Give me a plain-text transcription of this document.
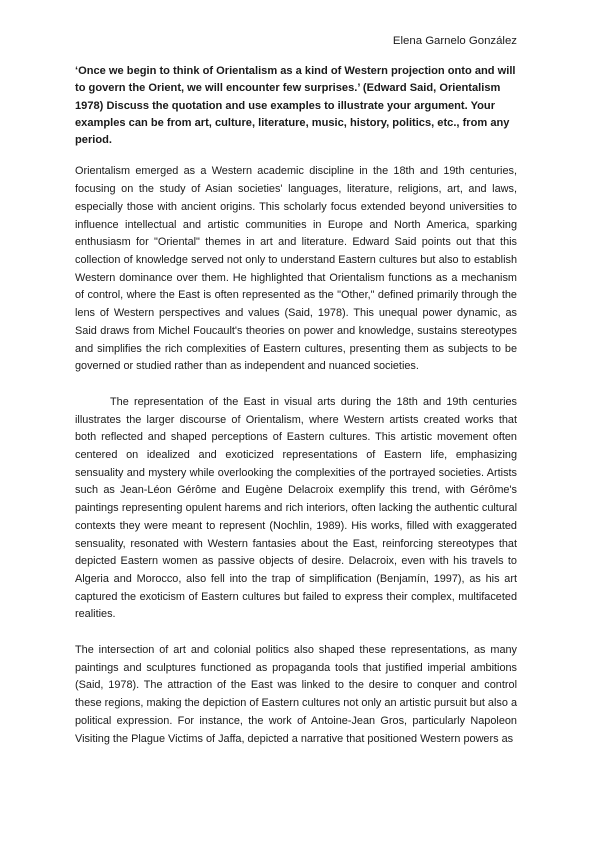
Elena Garnelo González

‘Once we begin to think of Orientalism as a kind of Western projection onto and will to govern the Orient, we will encounter few surprises.’ (Edward Said, Orientalism 1978) Discuss the quotation and use examples to illustrate your argument. Your examples can be from art, culture, literature, music, history, politics, etc., from any period.

Orientalism emerged as a Western academic discipline in the 18th and 19th centuries, focusing on the study of Asian societies' languages, literature, religions, art, and laws, especially those with ancient origins. This scholarly focus extended beyond universities to influence intellectual and artistic communities in Europe and North America, sparking enthusiasm for "Oriental" themes in art and literature. Edward Said points out that this collection of knowledge served not only to understand Eastern cultures but also to establish Western dominance over them. He highlighted that Orientalism functions as a mechanism of control, where the East is often represented as the "Other," defined primarily through the lens of Western perspectives and values (Said, 1978). This unequal power dynamic, as Said draws from Michel Foucault's theories on power and knowledge, sustains stereotypes and simplifies the rich complexities of Eastern cultures, presenting them as subjects to be governed or studied rather than as independent and nuanced societies.

The representation of the East in visual arts during the 18th and 19th centuries illustrates the larger discourse of Orientalism, where Western artists created works that both reflected and shaped perceptions of Eastern cultures. This artistic movement often centered on idealized and exoticized representations of Eastern life, emphasizing sensuality and mystery while overlooking the complexities of the portrayed societies. Artists such as Jean-Léon Gérôme and Eugène Delacroix exemplify this trend, with Gérôme's paintings representing opulent harems and rich interiors, often lacking the authentic cultural contexts they were meant to represent (Nochlin, 1989). His works, filled with exaggerated sensuality, resonated with Western fantasies about the East, reinforcing stereotypes that depicted Eastern women as passive objects of desire. Delacroix, even with his travels to Algeria and Morocco, also fell into the trap of simplification (Benjamín, 1997), as his art captured the exoticism of Eastern cultures but failed to express their complex, multifaceted realities.

The intersection of art and colonial politics also shaped these representations, as many paintings and sculptures functioned as propaganda tools that justified imperial ambitions (Said, 1978). The attraction of the East was linked to the desire to conquer and control these regions, making the depiction of Eastern cultures not only an artistic pursuit but also a political expression. For instance, the work of Antoine-Jean Gros, particularly Napoleon Visiting the Plague Victims of Jaffa, depicted a narrative that positioned Western powers as
